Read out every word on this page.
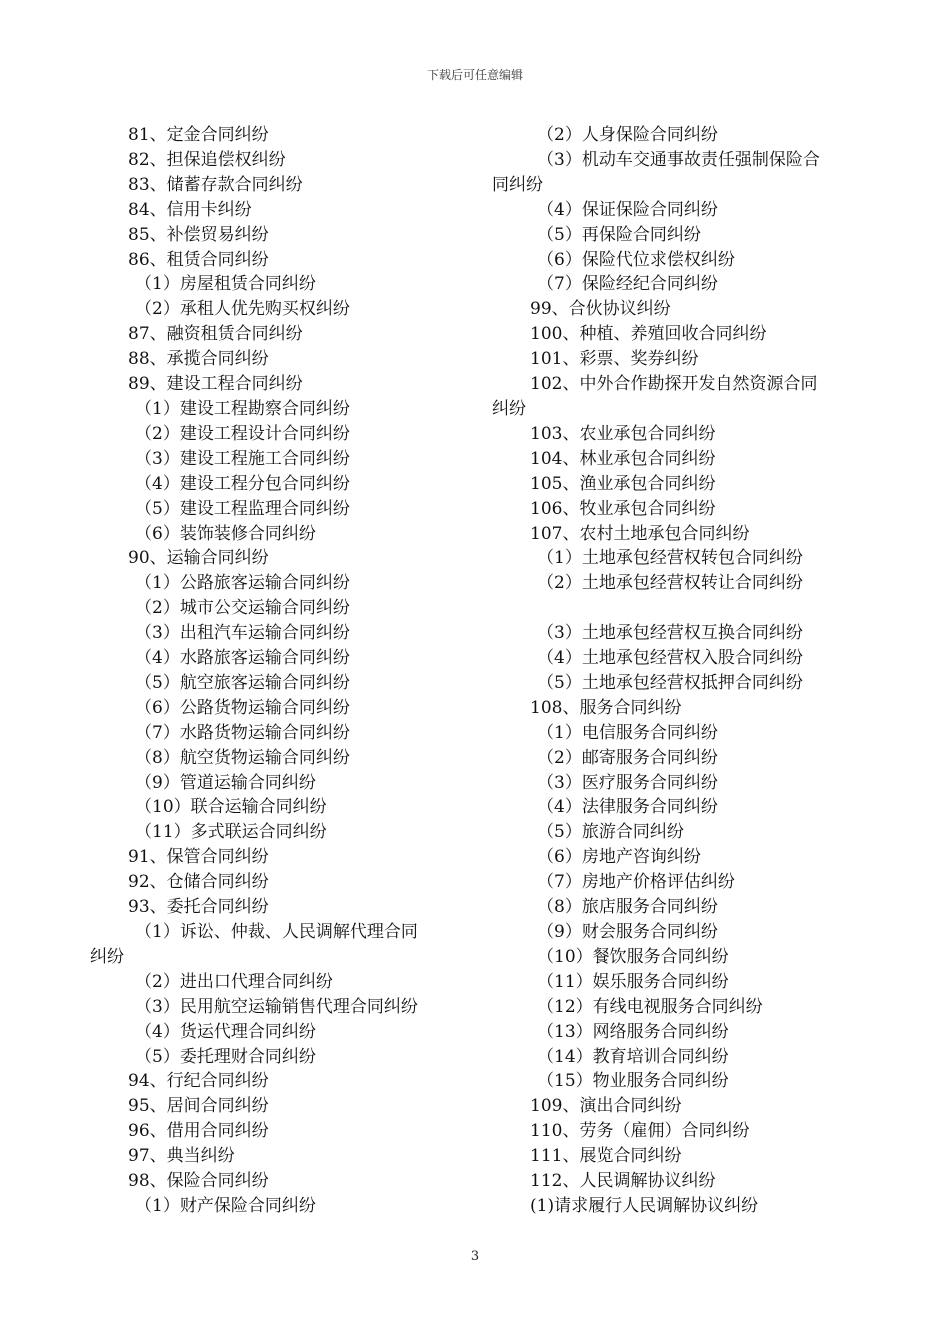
下载后可任意编辑
81、定金合同纠纷
82、担保追偿权纠纷
83、储蓄存款合同纠纷
84、信用卡纠纷
85、补偿贸易纠纷
86、租赁合同纠纷
（1）房屋租赁合同纠纷
（2）承租人优先购买权纠纷
87、融资租赁合同纠纷
88、承揽合同纠纷
89、建设工程合同纠纷
（1）建设工程勘察合同纠纷
（2）建设工程设计合同纠纷
（3）建设工程施工合同纠纷
（4）建设工程分包合同纠纷
（5）建设工程监理合同纠纷
（6）装饰装修合同纠纷
90、运输合同纠纷
（1）公路旅客运输合同纠纷
（2）城市公交运输合同纠纷
（3）出租汽车运输合同纠纷
（4）水路旅客运输合同纠纷
（5）航空旅客运输合同纠纷
（6）公路货物运输合同纠纷
（7）水路货物运输合同纠纷
（8）航空货物运输合同纠纷
（9）管道运输合同纠纷
（10）联合运输合同纠纷
（11）多式联运合同纠纷
91、保管合同纠纷
92、仓储合同纠纷
93、委托合同纠纷
（1）诉讼、仲裁、人民调解代理合同
纠纷
（2）进出口代理合同纠纷
（3）民用航空运输销售代理合同纠纷
（4）货运代理合同纠纷
（5）委托理财合同纠纷
94、行纪合同纠纷
95、居间合同纠纷
96、借用合同纠纷
97、典当纠纷
98、保险合同纠纷
（1）财产保险合同纠纷
（2）人身保险合同纠纷
（3）机动车交通事故责任强制保险合
同纠纷
（4）保证保险合同纠纷
（5）再保险合同纠纷
（6）保险代位求偿权纠纷
（7）保险经纪合同纠纷
99、合伙协议纠纷
100、种植、养殖回收合同纠纷
101、彩票、奖券纠纷
102、中外合作勘探开发自然资源合同
纠纷
103、农业承包合同纠纷
104、林业承包合同纠纷
105、渔业承包合同纠纷
106、牧业承包合同纠纷
107、农村土地承包合同纠纷
（1）土地承包经营权转包合同纠纷
（2）土地承包经营权转让合同纠纷
（3）土地承包经营权互换合同纠纷
（4）土地承包经营权入股合同纠纷
（5）土地承包经营权抵押合同纠纷
108、服务合同纠纷
（1）电信服务合同纠纷
（2）邮寄服务合同纠纷
（3）医疗服务合同纠纷
（4）法律服务合同纠纷
（5）旅游合同纠纷
（6）房地产咨询纠纷
（7）房地产价格评估纠纷
（8）旅店服务合同纠纷
（9）财会服务合同纠纷
（10）餐饮服务合同纠纷
（11）娱乐服务合同纠纷
（12）有线电视服务合同纠纷
（13）网络服务合同纠纷
（14）教育培训合同纠纷
（15）物业服务合同纠纷
109、演出合同纠纷
110、劳务（雇佣）合同纠纷
111、展览合同纠纷
112、人民调解协议纠纷
(1)请求履行人民调解协议纠纷
3
